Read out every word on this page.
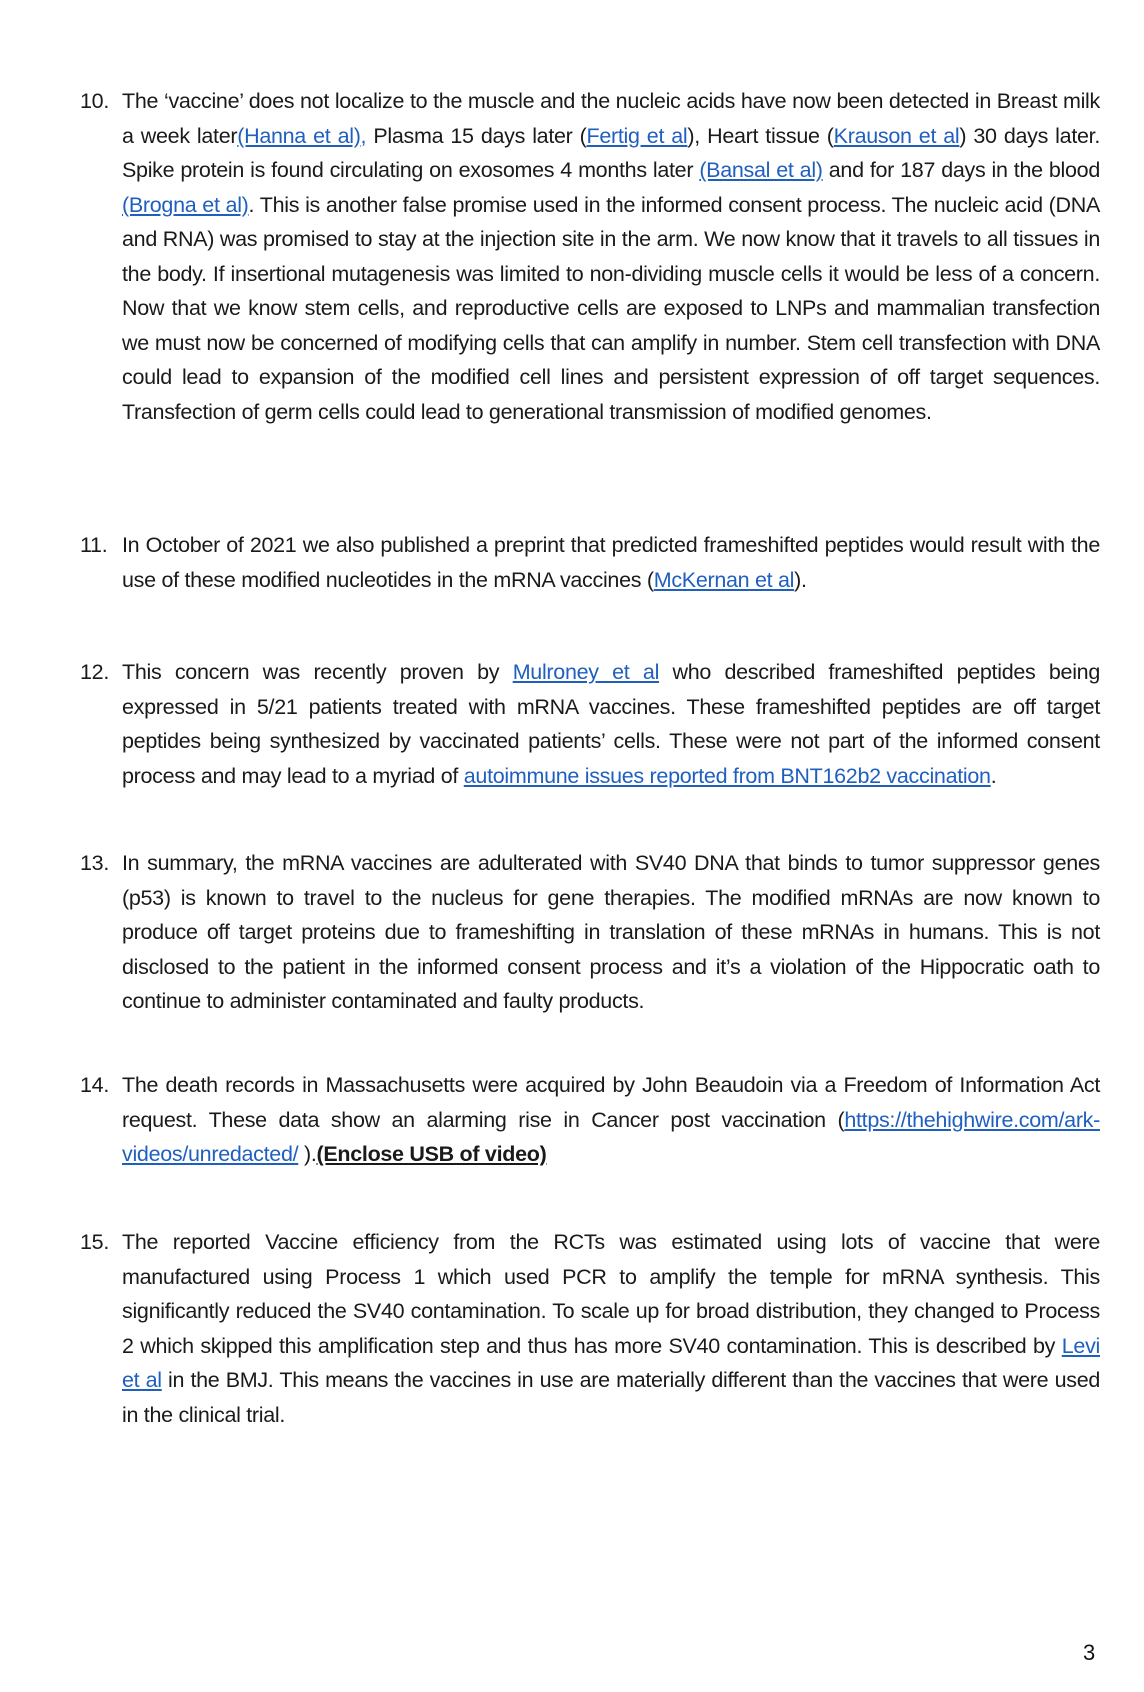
10. The ‘vaccine’ does not localize to the muscle and the nucleic acids have now been detected in Breast milk a week later(Hanna et al), Plasma 15 days later (Fertig et al), Heart tissue (Krauson et al) 30 days later. Spike protein is found circulating on exosomes 4 months later (Bansal et al) and for 187 days in the blood (Brogna et al). This is another false promise used in the informed consent process. The nucleic acid (DNA and RNA) was promised to stay at the injection site in the arm. We now know that it travels to all tissues in the body. If insertional mutagenesis was limited to non-dividing muscle cells it would be less of a concern. Now that we know stem cells, and reproductive cells are exposed to LNPs and mammalian transfection we must now be concerned of modifying cells that can amplify in number. Stem cell transfection with DNA could lead to expansion of the modified cell lines and persistent expression of off target sequences. Transfection of germ cells could lead to generational transmission of modified genomes.
11. In October of 2021 we also published a preprint that predicted frameshifted peptides would result with the use of these modified nucleotides in the mRNA vaccines (McKernan et al).
12. This concern was recently proven by Mulroney et al who described frameshifted peptides being expressed in 5/21 patients treated with mRNA vaccines. These frameshifted peptides are off target peptides being synthesized by vaccinated patients’ cells. These were not part of the informed consent process and may lead to a myriad of autoimmune issues reported from BNT162b2 vaccination.
13. In summary, the mRNA vaccines are adulterated with SV40 DNA that binds to tumor suppressor genes (p53) is known to travel to the nucleus for gene therapies. The modified mRNAs are now known to produce off target proteins due to frameshifting in translation of these mRNAs in humans. This is not disclosed to the patient in the informed consent process and it’s a violation of the Hippocratic oath to continue to administer contaminated and faulty products.
14. The death records in Massachusetts were acquired by John Beaudoin via a Freedom of Information Act request. These data show an alarming rise in Cancer post vaccination (https://thehighwire.com/ark-videos/unredacted/ ).(Enclose USB of video)
15. The reported Vaccine efficiency from the RCTs was estimated using lots of vaccine that were manufactured using Process 1 which used PCR to amplify the temple for mRNA synthesis. This significantly reduced the SV40 contamination. To scale up for broad distribution, they changed to Process 2 which skipped this amplification step and thus has more SV40 contamination. This is described by Levi et al in the BMJ. This means the vaccines in use are materially different than the vaccines that were used in the clinical trial.
3
